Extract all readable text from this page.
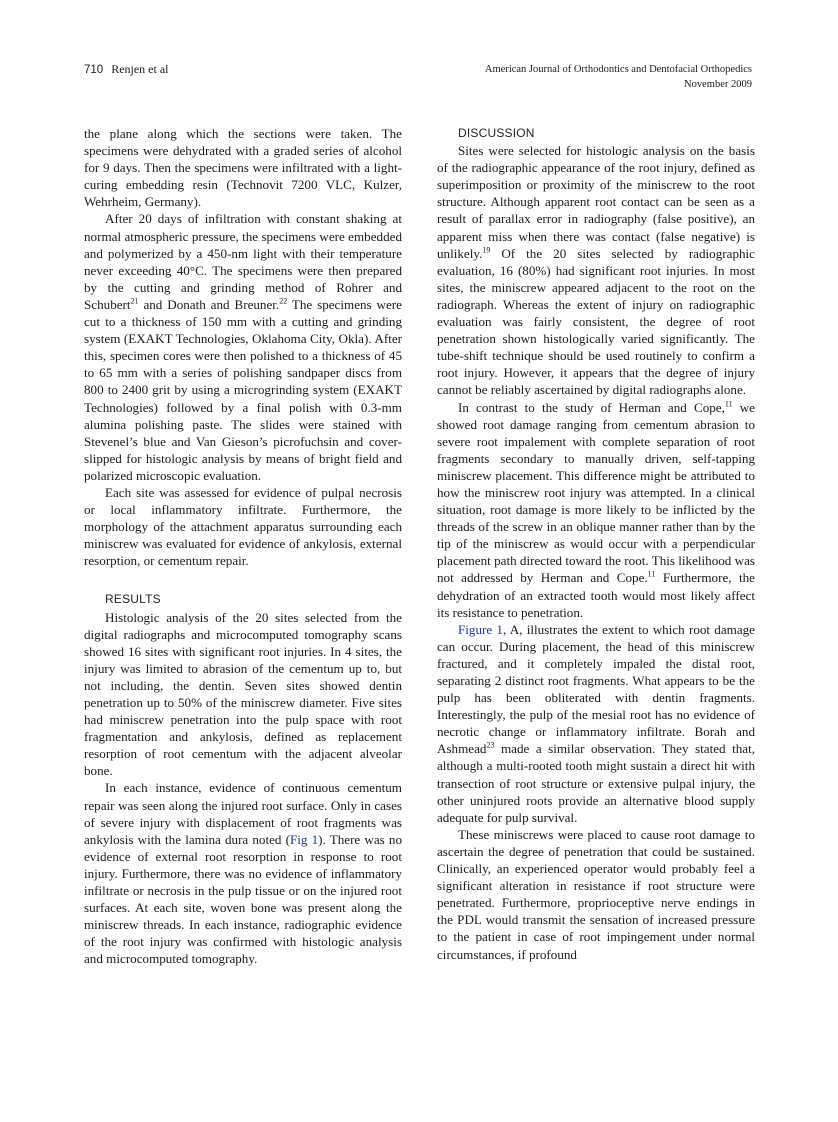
710 Renjen et al	American Journal of Orthodontics and Dentofacial Orthopedics
November 2009

the plane along which the sections were taken. The specimens were dehydrated with a graded series of alcohol for 9 days. Then the specimens were infiltrated with a light-curing embedding resin (Technovit 7200 VLC, Kulzer, Wehrheim, Germany).

After 20 days of infiltration with constant shaking at normal atmospheric pressure, the specimens were embedded and polymerized by a 450-nm light with their temperature never exceeding 40°C. The specimens were then prepared by the cutting and grinding method of Rohrer and Schubert$^{21}$ and Donath and Breuner.$^{22}$ The specimens were cut to a thickness of 150 mm with a cutting and grinding system (EXAKT Technologies, Oklahoma City, Okla). After this, specimen cores were then polished to a thickness of 45 to 65 mm with a series of polishing sandpaper discs from 800 to 2400 grit by using a microgrinding system (EXAKT Technologies) followed by a final polish with 0.3-mm alumina polishing paste. The slides were stained with Stevenel’s blue and Van Gieson’s picrofuchsin and cover-slipped for histologic analysis by means of bright field and polarized microscopic evaluation.

Each site was assessed for evidence of pulpal necrosis or local inflammatory infiltrate. Furthermore, the morphology of the attachment apparatus surrounding each miniscrew was evaluated for evidence of ankylosis, external resorption, or cementum repair.

RESULTS

Histologic analysis of the 20 sites selected from the digital radiographs and microcomputed tomography scans showed 16 sites with significant root injuries. In 4 sites, the injury was limited to abrasion of the cementum up to, but not including, the dentin. Seven sites showed dentin penetration up to 50% of the miniscrew diameter. Five sites had miniscrew penetration into the pulp space with root fragmentation and ankylosis, defined as replacement resorption of root cementum with the adjacent alveolar bone.

In each instance, evidence of continuous cementum repair was seen along the injured root surface. Only in cases of severe injury with displacement of root fragments was ankylosis with the lamina dura noted (Fig 1). There was no evidence of external root resorption in response to root injury. Furthermore, there was no evidence of inflammatory infiltrate or necrosis in the pulp tissue or on the injured root surfaces. At each site, woven bone was present along the miniscrew threads. In each instance, radiographic evidence of the root injury was confirmed with histologic analysis and microcomputed tomography.

DISCUSSION

Sites were selected for histologic analysis on the basis of the radiographic appearance of the root injury, defined as superimposition or proximity of the miniscrew to the root structure. Although apparent root contact can be seen as a result of parallax error in radiography (false positive), an apparent miss when there was contact (false negative) is unlikely.$^{19}$ Of the 20 sites selected by radiographic evaluation, 16 (80%) had significant root injuries. In most sites, the miniscrew appeared adjacent to the root on the radiograph. Whereas the extent of injury on radiographic evaluation was fairly consistent, the degree of root penetration shown histologically varied significantly. The tube-shift technique should be used routinely to confirm a root injury. However, it appears that the degree of injury cannot be reliably ascertained by digital radiographs alone.

In contrast to the study of Herman and Cope,$^{11}$ we showed root damage ranging from cementum abrasion to severe root impalement with complete separation of root fragments secondary to manually driven, self-tapping miniscrew placement. This difference might be attributed to how the miniscrew root injury was attempted. In a clinical situation, root damage is more likely to be inflicted by the threads of the screw in an oblique manner rather than by the tip of the miniscrew as would occur with a perpendicular placement path directed toward the root. This likelihood was not addressed by Herman and Cope.$^{11}$ Furthermore, the dehydration of an extracted tooth would most likely affect its resistance to penetration.

Figure 1, A, illustrates the extent to which root damage can occur. During placement, the head of this miniscrew fractured, and it completely impaled the distal root, separating 2 distinct root fragments. What appears to be the pulp has been obliterated with dentin fragments. Interestingly, the pulp of the mesial root has no evidence of necrotic change or inflammatory infiltrate. Borah and Ashmead$^{23}$ made a similar observation. They stated that, although a multi-rooted tooth might sustain a direct hit with transection of root structure or extensive pulpal injury, the other uninjured roots provide an alternative blood supply adequate for pulp survival.

These miniscrews were placed to cause root damage to ascertain the degree of penetration that could be sustained. Clinically, an experienced operator would probably feel a significant alteration in resistance if root structure were penetrated. Furthermore, proprioceptive nerve endings in the PDL would transmit the sensation of increased pressure to the patient in case of root impingement under normal circumstances, if profound
